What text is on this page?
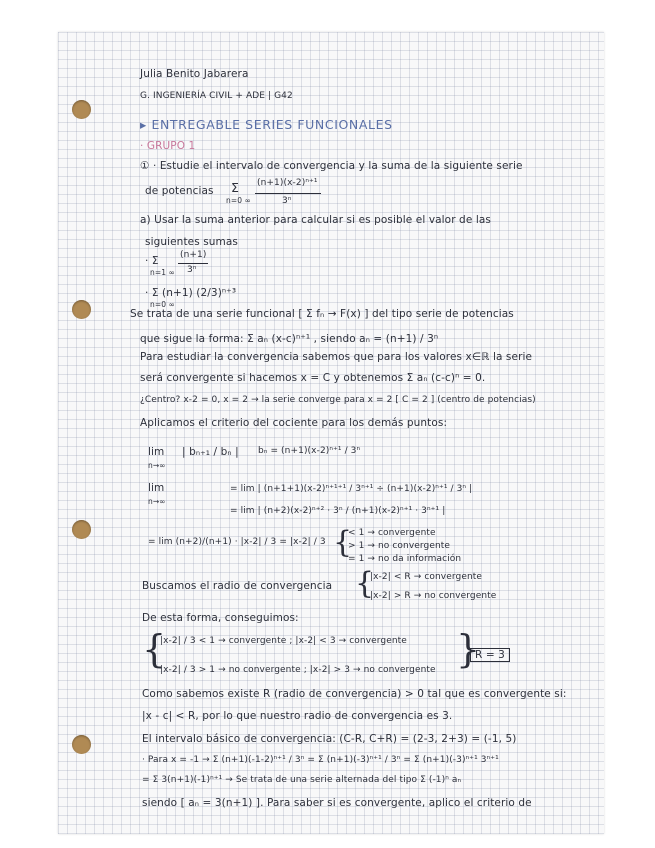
Julia Benito Jabarera
G. INGENIERÍA CIVIL + ADE | G42
▸ ENTREGABLE SERIES FUNCIONALES
· GRUPO 1
① · Estudie el intervalo de convergencia y la suma de la siguiente serie
de potencias Σ
n=0 ∞
(n+1)(x-2)ⁿ⁺¹
3ⁿ
a) Usar la suma anterior para calcular si es posible el valor de las
siguientes sumas
· Σ
n=1 ∞
(n+1)
3ⁿ
· Σ (n+1) (2/3)ⁿ⁺³
n=0 ∞
Se trata de una serie funcional [ Σ fₙ → F(x) ] del tipo serie de potencias
que sigue la forma: Σ aₙ (x-c)ⁿ⁺¹ , siendo aₙ = (n+1) / 3ⁿ
Para estudiar la convergencia sabemos que para los valores x∈ℝ la serie
será convergente si hacemos x = C y obtenemos Σ aₙ (c-c)ⁿ = 0.
¿Centro? x-2 = 0, x = 2 → la serie converge para x = 2 [ C = 2 ] (centro de potencias)
Aplicamos el criterio del cociente para los demás puntos:
lim
n→∞
| bₙ₊₁ / bₙ | bₙ = (n+1)(x-2)ⁿ⁺¹ / 3ⁿ
lim
n→∞
= lim | (n+1+1)(x-2)ⁿ⁺¹⁺¹ / 3ⁿ⁺¹ ÷ (n+1)(x-2)ⁿ⁺¹ / 3ⁿ |
= lim | (n+2)(x-2)ⁿ⁺² · 3ⁿ / (n+1)(x-2)ⁿ⁺¹ · 3ⁿ⁺¹ |
= lim (n+2)/(n+1) · |x-2| / 3 = |x-2| / 3 {
< 1 → convergente
> 1 → no convergente
= 1 → no da información
Buscamos el radio de convergencia {
|x-2| < R → convergente
|x-2| > R → no convergente
De esta forma, conseguimos:
{
|x-2| / 3 < 1 → convergente ; |x-2| < 3 → convergente
|x-2| / 3 > 1 → no convergente ; |x-2| > 3 → no convergente }
R = 3
Como sabemos existe R (radio de convergencia) > 0 tal que es convergente si:
|x - c| < R, por lo que nuestro radio de convergencia es 3.
El intervalo básico de convergencia: (C-R, C+R) = (2-3, 2+3) = (-1, 5)
· Para x = -1 → Σ (n+1)(-1-2)ⁿ⁺¹ / 3ⁿ = Σ (n+1)(-3)ⁿ⁺¹ / 3ⁿ = Σ (n+1)(-3)ⁿ⁺¹ 3ⁿ⁺¹
= Σ 3(n+1)(-1)ⁿ⁺¹ → Se trata de una serie alternada del tipo Σ (-1)ⁿ aₙ
siendo [ aₙ = 3(n+1) ]. Para saber si es convergente, aplico el criterio de
